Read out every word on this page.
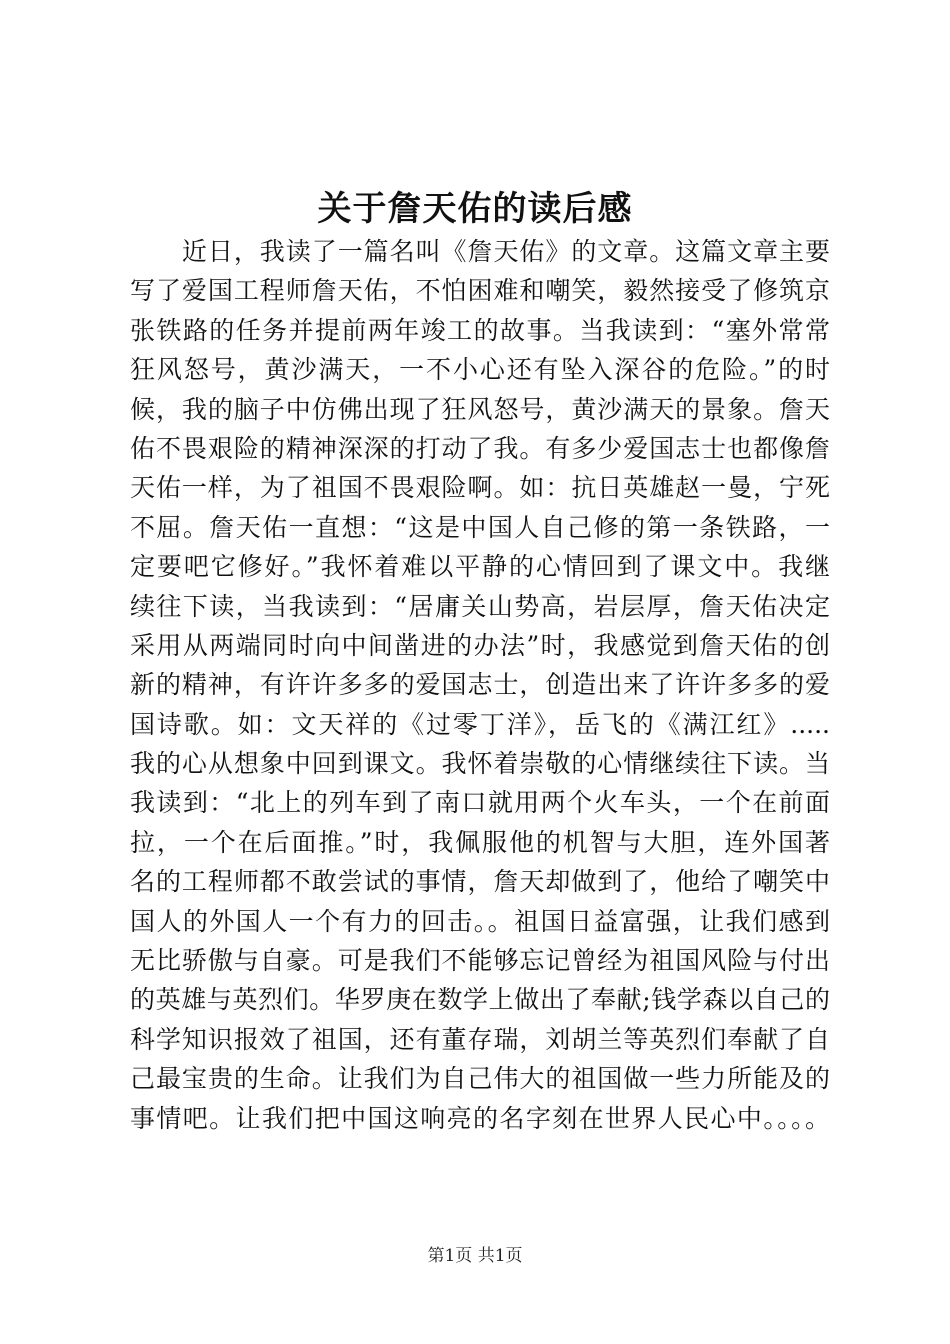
关于詹天佑的读后感
　　近日，我读了一篇名叫《詹天佑》的文章。这篇文章主要
写了爱国工程师詹天佑，不怕困难和嘲笑，毅然接受了修筑京
张铁路的任务并提前两年竣工的故事。当我读到：“塞外常常
狂风怒号，黄沙满天，一不小心还有坠入深谷的危险。”的时
候，我的脑子中仿佛出现了狂风怒号，黄沙满天的景象。詹天
佑不畏艰险的精神深深的打动了我。有多少爱国志士也都像詹
天佑一样，为了祖国不畏艰险啊。如：抗日英雄赵一曼，宁死
不屈。詹天佑一直想：“这是中国人自己修的第一条铁路，一
定要吧它修好。”我怀着难以平静的心情回到了课文中。我继
续往下读，当我读到：“居庸关山势高，岩层厚，詹天佑决定
采用从两端同时向中间凿进的办法”时，我感觉到詹天佑的创
新的精神，有许许多多的爱国志士，创造出来了许许多多的爱
国诗歌。如：文天祥的《过零丁洋》，岳飞的《满江红》.....
我的心从想象中回到课文。我怀着崇敬的心情继续往下读。当
我读到：“北上的列车到了南口就用两个火车头，一个在前面
拉，一个在后面推。”时，我佩服他的机智与大胆，连外国著
名的工程师都不敢尝试的事情，詹天却做到了，他给了嘲笑中
国人的外国人一个有力的回击。。祖国日益富强，让我们感到
无比骄傲与自豪。可是我们不能够忘记曾经为祖国风险与付出
的英雄与英烈们。华罗庚在数学上做出了奉献;钱学森以自己的
科学知识报效了祖国，还有董存瑞，刘胡兰等英烈们奉献了自
己最宝贵的生命。让我们为自己伟大的祖国做一些力所能及的
事情吧。让我们把中国这响亮的名字刻在世界人民心中。。。。
第1页 共1页
